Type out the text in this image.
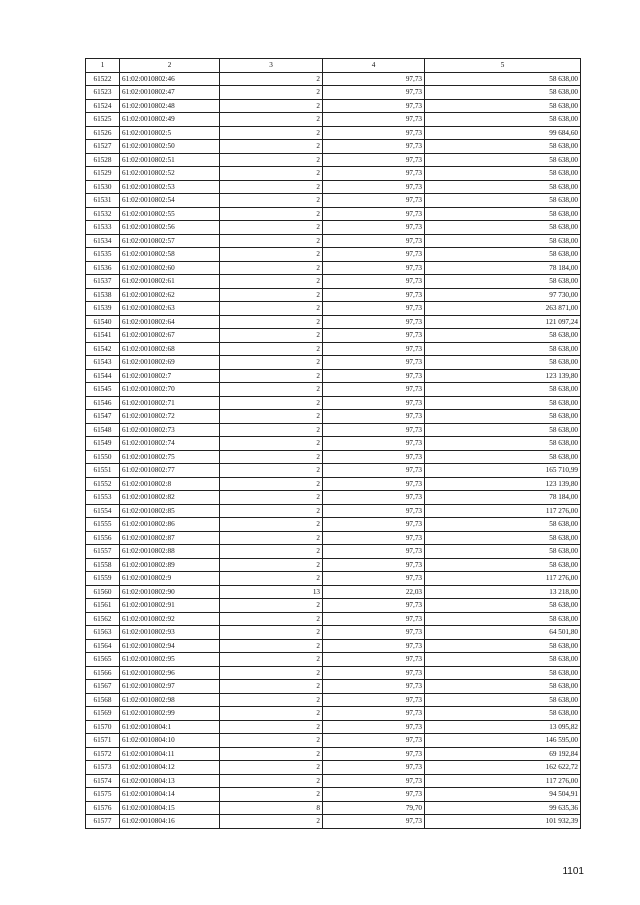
1	2	3	4	5
61522	61:02:0010802:46	2	97,73	58 638,00
61523	61:02:0010802:47	2	97,73	58 638,00
61524	61:02:0010802:48	2	97,73	58 638,00
61525	61:02:0010802:49	2	97,73	58 638,00
61526	61:02:0010802:5	2	97,73	99 684,60
61527	61:02:0010802:50	2	97,73	58 638,00
61528	61:02:0010802:51	2	97,73	58 638,00
61529	61:02:0010802:52	2	97,73	58 638,00
61530	61:02:0010802:53	2	97,73	58 638,00
61531	61:02:0010802:54	2	97,73	58 638,00
61532	61:02:0010802:55	2	97,73	58 638,00
61533	61:02:0010802:56	2	97,73	58 638,00
61534	61:02:0010802:57	2	97,73	58 638,00
61535	61:02:0010802:58	2	97,73	58 638,00
61536	61:02:0010802:60	2	97,73	78 184,00
61537	61:02:0010802:61	2	97,73	58 638,00
61538	61:02:0010802:62	2	97,73	97 730,00
61539	61:02:0010802:63	2	97,73	263 871,00
61540	61:02:0010802:64	2	97,73	121 097,24
61541	61:02:0010802:67	2	97,73	58 638,00
61542	61:02:0010802:68	2	97,73	58 638,00
61543	61:02:0010802:69	2	97,73	58 638,00
61544	61:02:0010802:7	2	97,73	123 139,80
61545	61:02:0010802:70	2	97,73	58 638,00
61546	61:02:0010802:71	2	97,73	58 638,00
61547	61:02:0010802:72	2	97,73	58 638,00
61548	61:02:0010802:73	2	97,73	58 638,00
61549	61:02:0010802:74	2	97,73	58 638,00
61550	61:02:0010802:75	2	97,73	58 638,00
61551	61:02:0010802:77	2	97,73	165 710,99
61552	61:02:0010802:8	2	97,73	123 139,80
61553	61:02:0010802:82	2	97,73	78 184,00
61554	61:02:0010802:85	2	97,73	117 276,00
61555	61:02:0010802:86	2	97,73	58 638,00
61556	61:02:0010802:87	2	97,73	58 638,00
61557	61:02:0010802:88	2	97,73	58 638,00
61558	61:02:0010802:89	2	97,73	58 638,00
61559	61:02:0010802:9	2	97,73	117 276,00
61560	61:02:0010802:90	13	22,03	13 218,00
61561	61:02:0010802:91	2	97,73	58 638,00
61562	61:02:0010802:92	2	97,73	58 638,00
61563	61:02:0010802:93	2	97,73	64 501,80
61564	61:02:0010802:94	2	97,73	58 638,00
61565	61:02:0010802:95	2	97,73	58 638,00
61566	61:02:0010802:96	2	97,73	58 638,00
61567	61:02:0010802:97	2	97,73	58 638,00
61568	61:02:0010802:98	2	97,73	58 638,00
61569	61:02:0010802:99	2	97,73	58 638,00
61570	61:02:0010804:1	2	97,73	13 095,82
61571	61:02:0010804:10	2	97,73	146 595,00
61572	61:02:0010804:11	2	97,73	69 192,84
61573	61:02:0010804:12	2	97,73	162 622,72
61574	61:02:0010804:13	2	97,73	117 276,00
61575	61:02:0010804:14	2	97,73	94 504,91
61576	61:02:0010804:15	8	79,70	99 635,36
61577	61:02:0010804:16	2	97,73	101 932,39
1101
